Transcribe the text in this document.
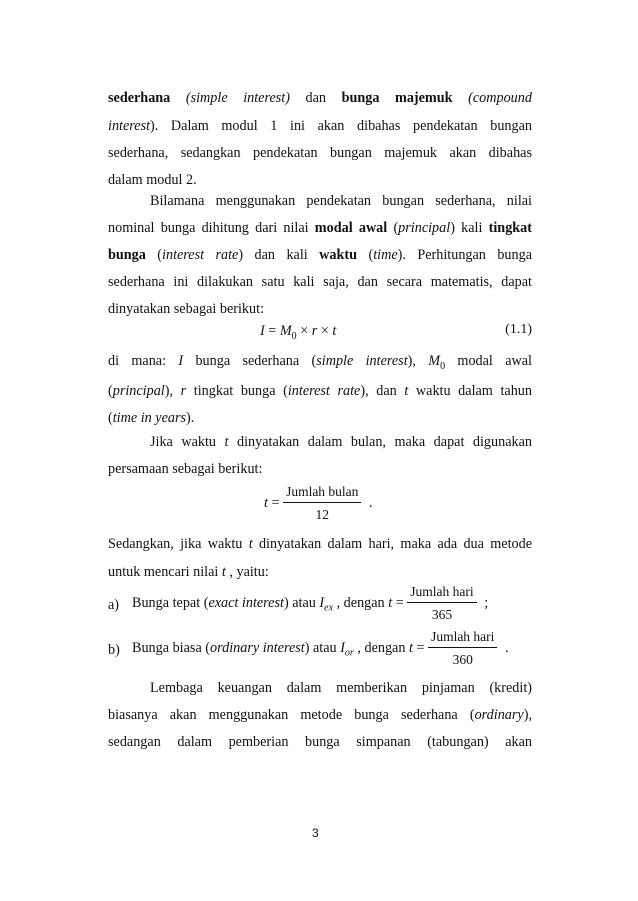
sederhana (simple interest) dan bunga majemuk (compound
interest). Dalam modul 1 ini akan dibahas pendekatan bungan
sederhana, sedangkan pendekatan bungan majemuk akan dibahas
dalam modul 2.
Bilamana menggunakan pendekatan bungan sederhana, nilai
nominal bunga dihitung dari nilai modal awal (principal) kali tingkat
bunga (interest rate) dan kali waktu (time). Perhitungan bunga
sederhana ini dilakukan satu kali saja, dan secara matematis, dapat
dinyatakan sebagai berikut:
$I = M_0 \times r \times t$	(1.1)
di mana: I bunga sederhana (simple interest), $M_0$ modal awal
(principal), r tingkat bunga (interest rate), dan t waktu dalam tahun
(time in years).
Jika waktu t dinyatakan dalam bulan, maka dapat digunakan
persamaan sebagai berikut:
$t = \frac{\text{Jumlah bulan}}{12}$ .
Sedangkan, jika waktu t dinyatakan dalam hari, maka ada dua metode
untuk mencari nilai t , yaitu:
a) Bunga tepat (exact interest) atau $I_{ex}$ , dengan $t = \frac{\text{Jumlah hari}}{365}$ ;
b) Bunga biasa (ordinary interest) atau $I_{or}$ , dengan $t = \frac{\text{Jumlah hari}}{360}$ .
Lembaga keuangan dalam memberikan pinjaman (kredit)
biasanya akan menggunakan metode bunga sederhana (ordinary),
sedangan dalam pemberian bunga simpanan (tabungan) akan
3
